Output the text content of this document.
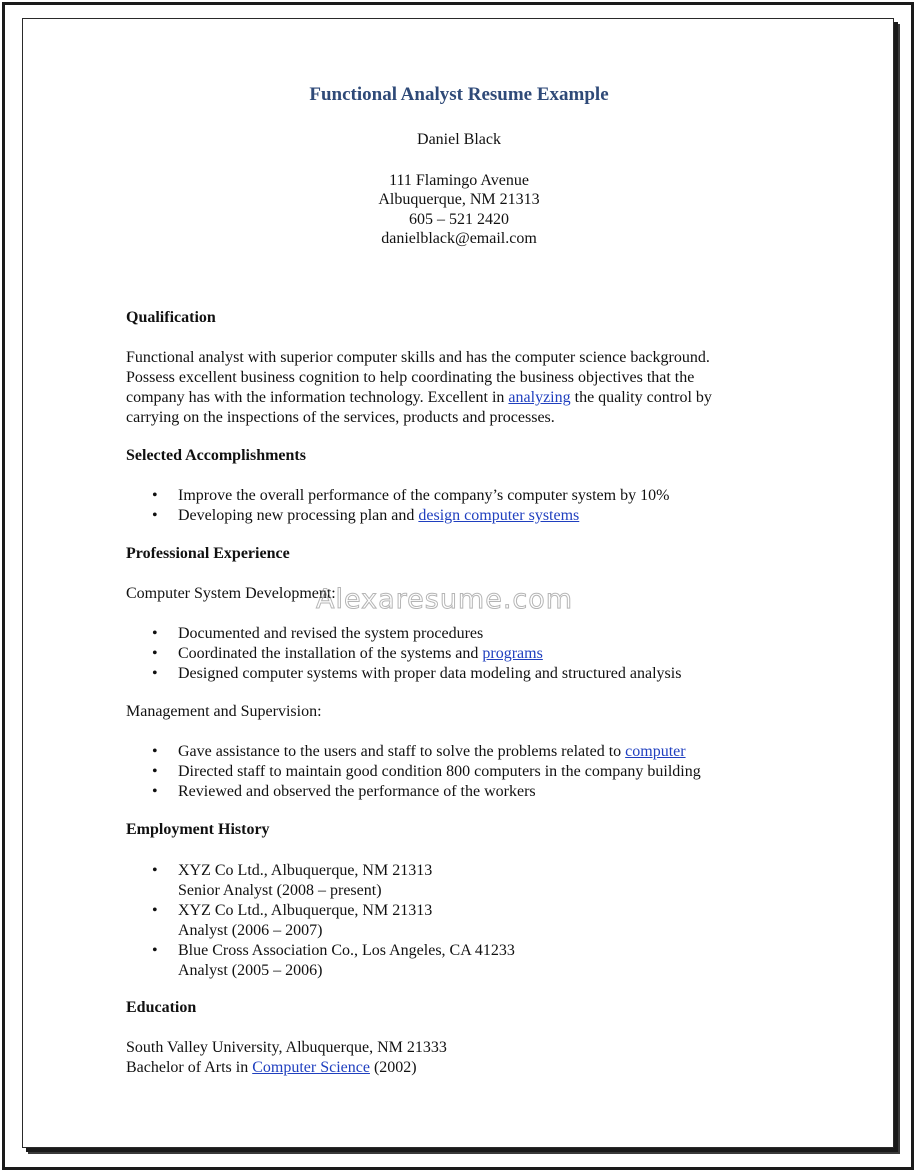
Functional Analyst Resume Example
Daniel Black
111 Flamingo Avenue
Albuquerque, NM 21313
605 – 521 2420
danielblack@email.com
Qualification
Functional analyst with superior computer skills and has the computer science background.
Possess excellent business cognition to help coordinating the business objectives that the
company has with the information technology. Excellent in analyzing the quality control by
carrying on the inspections of the services, products and processes.
Selected Accomplishments
• Improve the overall performance of the company’s computer system by 10%
• Developing new processing plan and design computer systems
Professional Experience
Computer System Development:
Alexaresume.com
• Documented and revised the system procedures
• Coordinated the installation of the systems and programs
• Designed computer systems with proper data modeling and structured analysis
Management and Supervision:
• Gave assistance to the users and staff to solve the problems related to computer
• Directed staff to maintain good condition 800 computers in the company building
• Reviewed and observed the performance of the workers
Employment History
• XYZ Co Ltd., Albuquerque, NM 21313
Senior Analyst (2008 – present)
• XYZ Co Ltd., Albuquerque, NM 21313
Analyst (2006 – 2007)
• Blue Cross Association Co., Los Angeles, CA 41233
Analyst (2005 – 2006)
Education
South Valley University, Albuquerque, NM 21333
Bachelor of Arts in Computer Science (2002)
